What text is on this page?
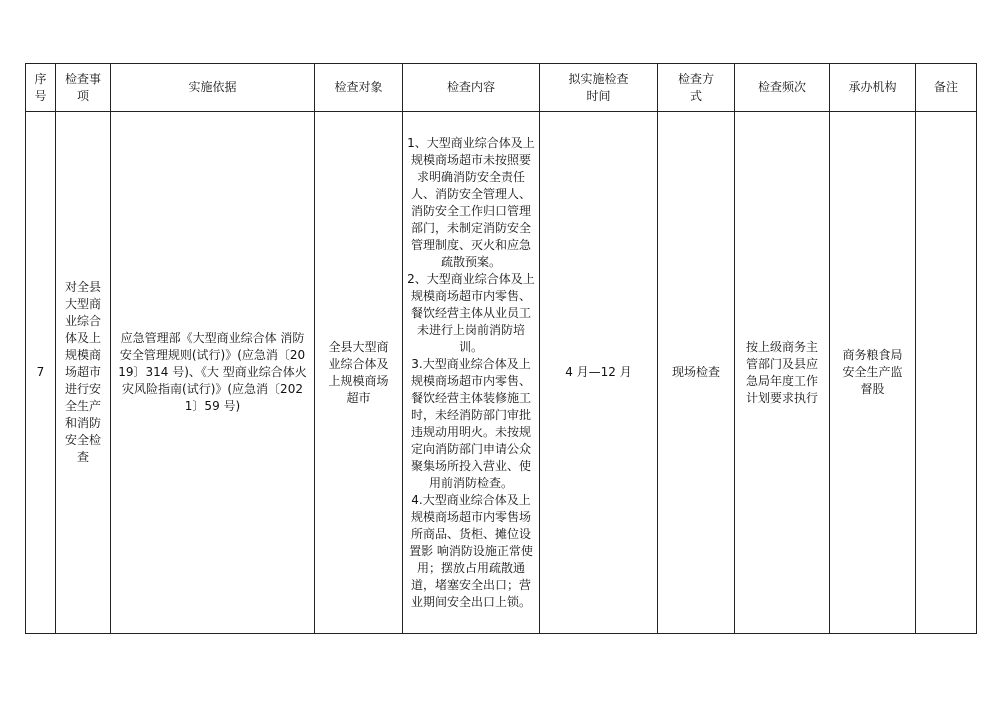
序号	检查事项	实施依据	检查对象	检查内容	拟实施检查时间	检查方式	检查频次	承办机构	备注
7	对全县大型商业综合体及上规模商场超市进行安全生产和消防安全检查	应急管理部《大型商业综合体 消防安全管理规则(试行)》(应急消〔2019〕314 号)、《大 型商业综合体火灾风险指南(试行)》(应急消〔2021〕59 号)	全县大型商业综合体及上规模商场超市	1、大型商业综合体及上规模商场超市未按照要求明确消防安全责任人、消防安全管理人、消防安全工作归口管理部门，未制定消防安全管理制度、灭火和应急疏散预案。

2、大型商业综合体及上规模商场超市内零售、餐饮经营主体从业员工未进行上岗前消防培训。

3.大型商业综合体及上规模商场超市内零售、餐饮经营主体装修施工时，未经消防部门审批违规动用明火。未按规定向消防部门申请公众聚集场所投入营业、使用前消防检查。

4.大型商业综合体及上规模商场超市内零售场所商品、货柜、摊位设置影 响消防设施正常使用；摆放占用疏散通道，堵塞安全出口；营业期间安全出口上锁。	4 月—12 月	现场检查	按上级商务主管部门及县应急局年度工作计划要求执行	商务粮食局安全生产监督股	
